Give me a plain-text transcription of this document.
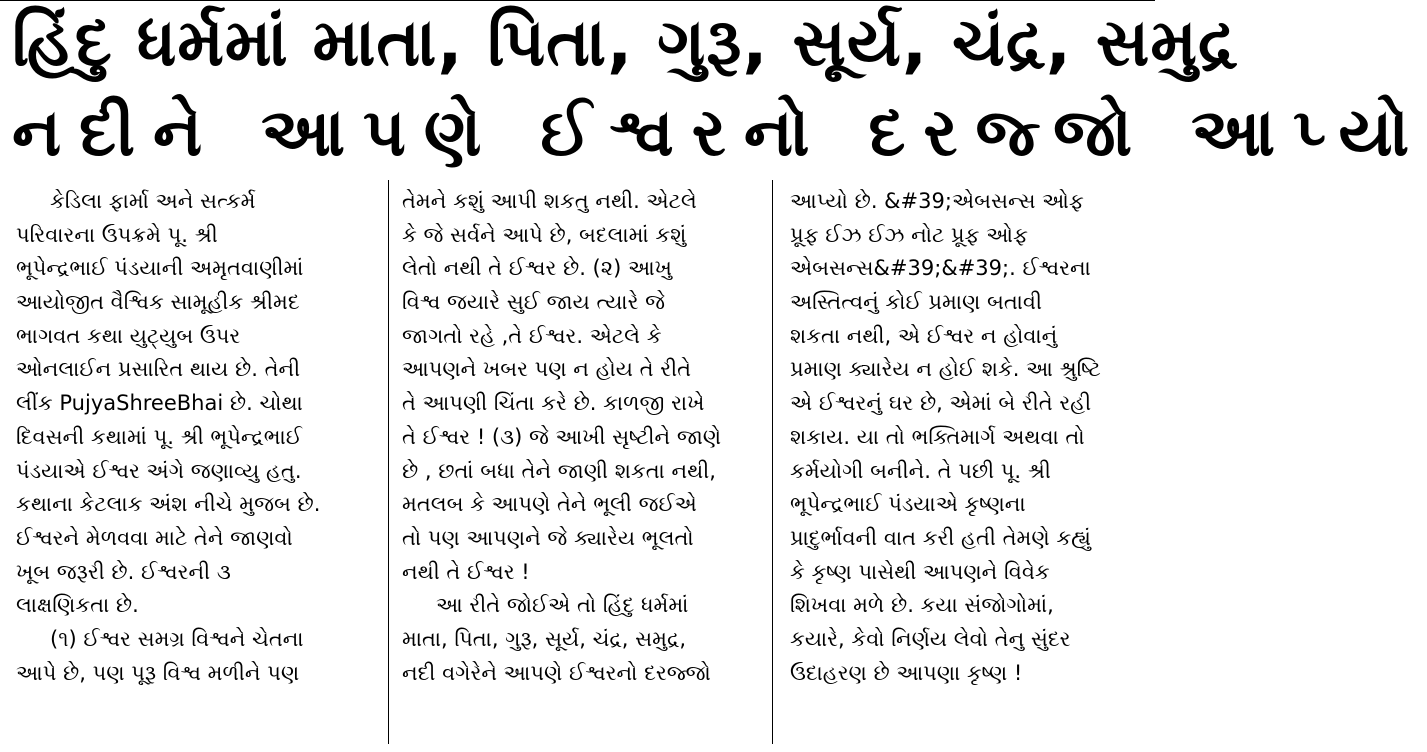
હિંદુ ધર્મમાં માતા, પિતા, ગુરૂ, સૂર્ય, ચંદ્ર, સમુદ્ર
નદીને આપણે ઈશ્વરનો દરજ્જો આપ્યો
કેડિલા ફાર્મા અને સત્કર્મ
પરિવારના ઉપક્રમે પૂ. શ્રી
ભૂપેન્દ્રભાઈ પંડયાની અમૃતવાણીમાં
આયોજીત વૈશ્વિક સામૂહીક શ્રીમદ
ભાગવત કથા યુટ્યુબ ઉપર
ઓનલાઈન પ્રસારિત થાય છે. તેની
લીંક PujyaShreeBhai છે. ચોથા
દિવસની કથામાં પૂ. શ્રી ભૂપેન્દ્રભાઈ
પંડયાએ ઈશ્વર અંગે જણાવ્યુ હતુ.
કથાના કેટલાક અંશ નીચે મુજબ છે.
ઈશ્વરને મેળવવા માટે તેને જાણવો
ખૂબ જરૂરી છે. ઈશ્વરની ૩
લાક્ષણિકતા છે.
(૧) ઈશ્વર સમગ્ર વિશ્વને ચેતના
આપે છે, પણ પૂરૂ વિશ્વ મળીને પણ
તેમને કશું આપી શકતુ નથી. એટલે
કે જે સર્વને આપે છે, બદલામાં કશું
લેતો નથી તે ઈશ્વર છે. (૨) આખુ
વિશ્વ જયારે સુઈ જાય ત્યારે જે
જાગતો રહે ,તે ઈશ્વર. એટલે કે
આપણને ખબર પણ ન હોય તે રીતે
તે આપણી ચિંતા કરે છે. કાળજી રાખે
તે ઈશ્વર ! (૩) જે આખી સૃષ્ટીને જાણે
છે , છતાં બધા તેને જાણી શકતા નથી,
મતલબ કે આપણે તેને ભૂલી જઈએ
તો પણ આપણને જે ક્યારેય ભૂલતો
નથી તે ઈશ્વર !
આ રીતે જોઈએ તો હિંદુ ધર્મમાં
માતા, પિતા, ગુરૂ, સૂર્ય, ચંદ્ર, સમુદ્ર,
નદી વગેરેને આપણે ઈશ્વરનો દરજ્જો
આપ્યો છે. &#39;એબસન્સ ઓફ
પ્રૂફ ઈઝ ઈઝ નોટ પ્રૂફ ઓફ
એબસન્સ&#39;&#39;. ઈશ્વરના
અસ્તિત્વનું કોઈ પ્રમાણ બતાવી
શકતા નથી, એ ઈશ્વર ન હોવાનું
પ્રમાણ ક્યારેય ન હોઈ શકે. આ શ્રુષ્ટિ
એ ઈશ્વરનું ઘર છે, એમાં બે રીતે રહી
શકાય. યા તો ભક્તિમાર્ગ અથવા તો
કર્મયોગી બનીને. તે પછી પૂ. શ્રી
ભૂપેન્દ્રભાઈ પંડયાએ કૃષ્ણના
પ્રાદુર્ભાવની વાત કરી હતી તેમણે કહ્યું
કે કૃષ્ણ પાસેથી આપણને વિવેક
શિખવા મળે છે. કયા સંજોગોમાં,
કયારે, કેવો નિર્ણય લેવો તેનુ સુંદર
ઉદાહરણ છે આપણા કૃષ્ણ !
